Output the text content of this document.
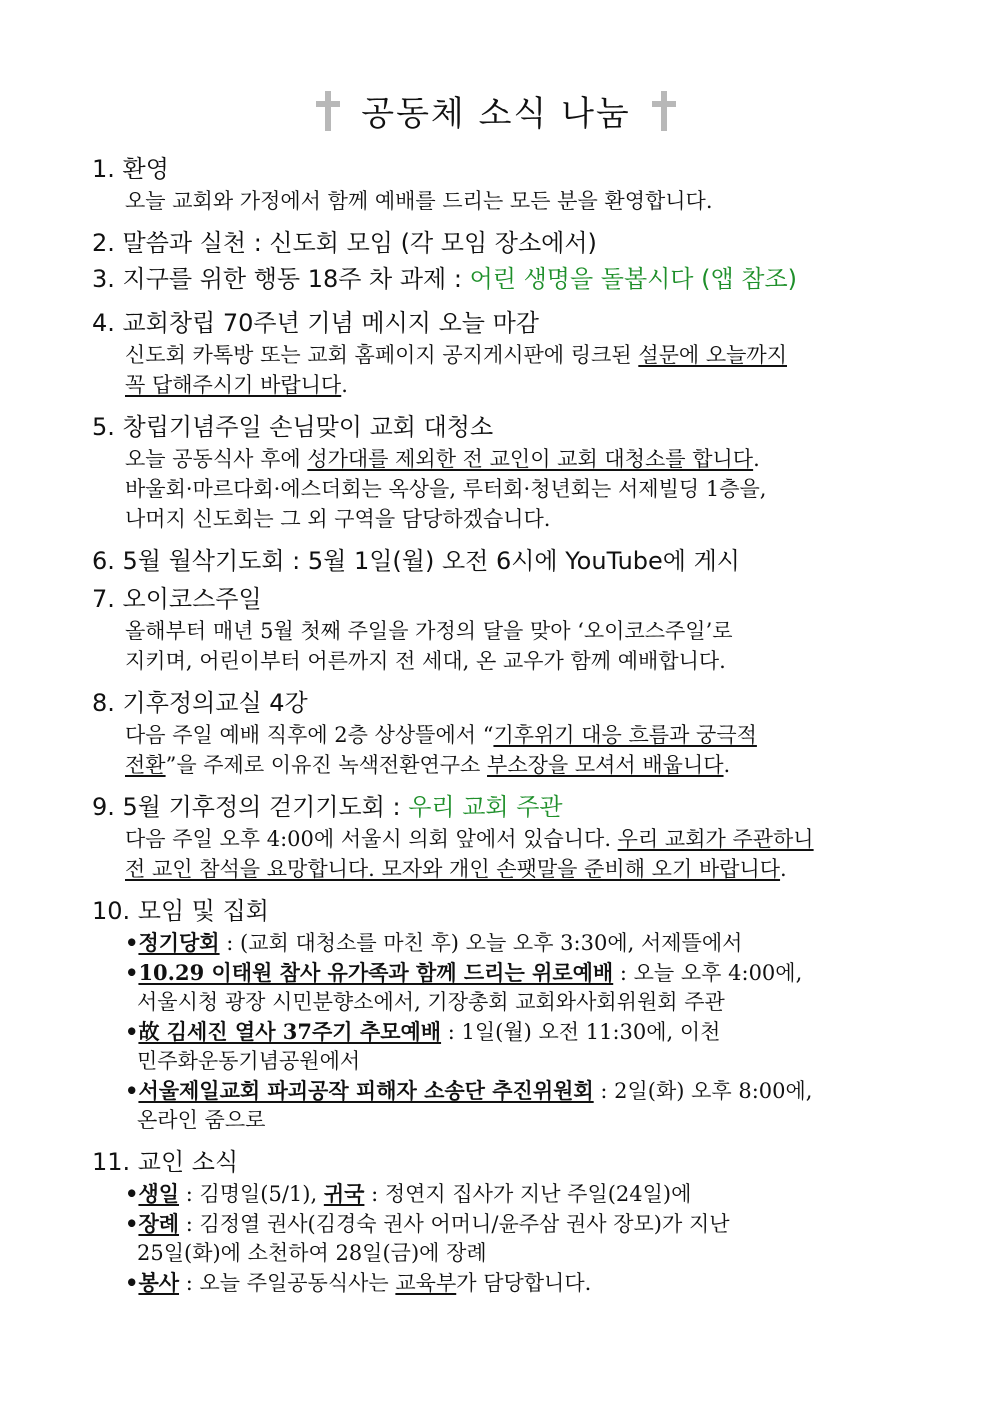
공동체 소식 나눔
1. 환영
오늘 교회와 가정에서 함께 예배를 드리는 모든 분을 환영합니다.
2. 말씀과 실천 : 신도회 모임 (각 모임 장소에서)
3. 지구를 위한 행동 18주 차 과제 : 어린 생명을 돌봅시다 (앱 참조)
4. 교회창립 70주년 기념 메시지 오늘 마감
신도회 카톡방 또는 교회 홈페이지 공지게시판에 링크된 설문에 오늘까지
꼭 답해주시기 바랍니다.
5. 창립기념주일 손님맞이 교회 대청소
오늘 공동식사 후에 성가대를 제외한 전 교인이 교회 대청소를 합니다.
바울회·마르다회·에스더회는 옥상을, 루터회·청년회는 서제빌딩 1층을,
나머지 신도회는 그 외 구역을 담당하겠습니다.
6. 5월 월삭기도회 : 5월 1일(월) 오전 6시에 YouTube에 게시
7. 오이코스주일
올해부터 매년 5월 첫째 주일을 가정의 달을 맞아 ‘오이코스주일’로
지키며, 어린이부터 어른까지 전 세대, 온 교우가 함께 예배합니다.
8. 기후정의교실 4강
다음 주일 예배 직후에 2층 상상뜰에서 “기후위기 대응 흐름과 궁극적
전환”을 주제로 이유진 녹색전환연구소 부소장을 모셔서 배웁니다.
9. 5월 기후정의 걷기기도회 : 우리 교회 주관
다음 주일 오후 4:00에 서울시 의회 앞에서 있습니다. 우리 교회가 주관하니
전 교인 참석을 요망합니다. 모자와 개인 손팻말을 준비해 오기 바랍니다.
10. 모임 및 집회
•정기당회 : (교회 대청소를 마친 후) 오늘 오후 3:30에, 서제뜰에서
•10.29 이태원 참사 유가족과 함께 드리는 위로예배 : 오늘 오후 4:00에,
서울시청 광장 시민분향소에서, 기장총회 교회와사회위원회 주관
•故 김세진 열사 37주기 추모예배 : 1일(월) 오전 11:30에, 이천
민주화운동기념공원에서
•서울제일교회 파괴공작 피해자 소송단 추진위원회 : 2일(화) 오후 8:00에,
온라인 줌으로
11. 교인 소식
•생일 : 김명일(5/1), 귀국 : 정연지 집사가 지난 주일(24일)에
•장례 : 김정열 권사(김경숙 권사 어머니/윤주삼 권사 장모)가 지난
25일(화)에 소천하여 28일(금)에 장례
•봉사 : 오늘 주일공동식사는 교육부가 담당합니다.
